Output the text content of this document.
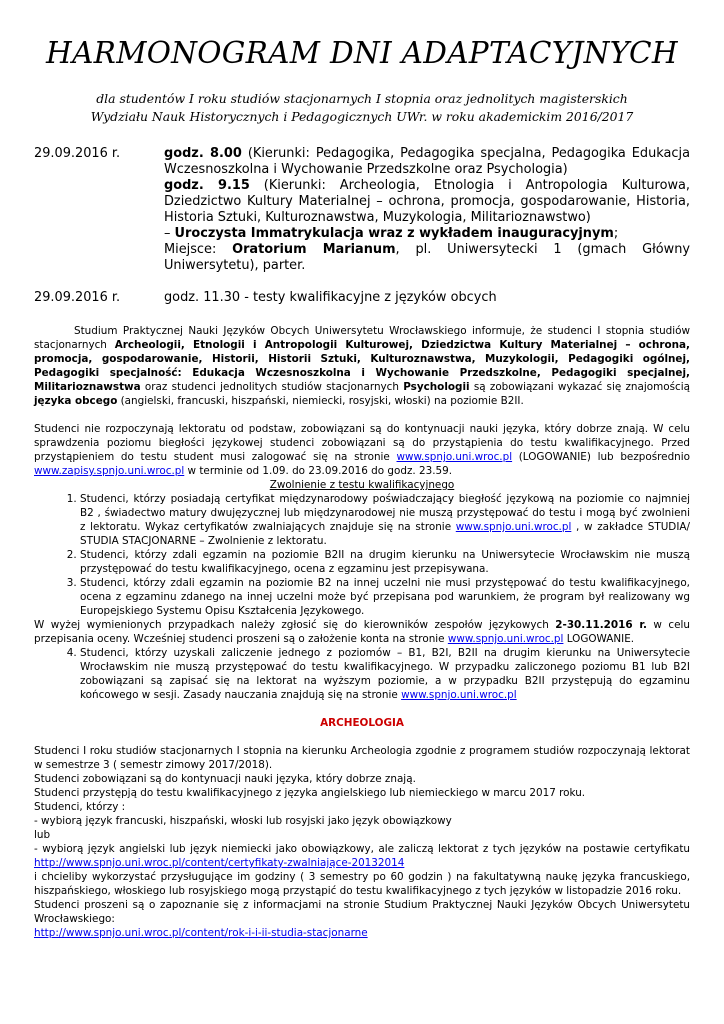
HARMONOGRAM DNI ADAPTACYJNYCH
dla studentów I roku studiów stacjonarnych I stopnia oraz jednolitych magisterskich
Wydziału Nauk Historycznych i Pedagogicznych UWr. w roku akademickim 2016/2017
29.09.2016 r.	godz. 8.00 (Kierunki: Pedagogika, Pedagogika specjalna, Pedagogika Edukacja Wczesnoszkolna i Wychowanie Przedszkolne oraz Psychologia)

godz. 9.15 (Kierunki: Archeologia, Etnologia i Antropologia Kulturowa, Dziedzictwo Kultury Materialnej – ochrona, promocja, gospodarowanie, Historia, Historia Sztuki, Kulturoznawstwa, Muzykologia, Militarioznawstwo)

– Uroczysta Immatrykulacja wraz z wykładem inauguracyjnym;

Miejsce: Oratorium Marianum, pl. Uniwersytecki 1 (gmach Główny Uniwersytetu), parter.

29.09.2016 r.	godz. 11.30 - testy kwalifikacyjne z języków obcych

Studium Praktycznej Nauki Języków Obcych Uniwersytetu Wrocławskiego informuje, że studenci I stopnia studiów stacjonarnych Archeologii, Etnologii i Antropologii Kulturowej, Dziedzictwa Kultury Materialnej – ochrona, promocja, gospodarowanie, Historii, Historii Sztuki, Kulturoznawstwa, Muzykologii, Pedagogiki ogólnej, Pedagogiki specjalność: Edukacja Wczesnoszkolna i Wychowanie Przedszkolne, Pedagogiki specjalnej, Militarioznawstwa oraz studenci jednolitych studiów stacjonarnych Psychologii są zobowiązani wykazać się znajomością języka obcego (angielski, francuski, hiszpański, niemiecki, rosyjski, włoski) na poziomie B2II.

Studenci nie rozpoczynają lektoratu od podstaw, zobowiązani są do kontynuacji nauki języka, który dobrze znają. W celu sprawdzenia poziomu biegłości językowej studenci zobowiązani są do przystąpienia do testu kwalifikacyjnego. Przed przystąpieniem do testu student musi zalogować się na stronie www.spnjo.uni.wroc.pl (LOGOWANIE) lub bezpośrednio www.zapisy.spnjo.uni.wroc.pl w terminie od 1.09. do 23.09.2016 do godz. 23.59.

Zwolnienie z testu kwalifikacyjnego

1. Studenci, którzy posiadają certyfikat międzynarodowy poświadczający biegłość językową na poziomie co najmniej B2 , świadectwo matury dwujęzycznej lub międzynarodowej nie muszą przystępować do testu i mogą być zwolnieni z lektoratu. Wykaz certyfikatów zwalniających znajduje się na stronie www.spnjo.uni.wroc.pl , w zakładce STUDIA/ STUDIA STACJONARNE – Zwolnienie z lektoratu.
2. Studenci, którzy zdali egzamin na poziomie B2II na drugim kierunku na Uniwersytecie Wrocławskim nie muszą przystępować do testu kwalifikacyjnego, ocena z egzaminu jest przepisywana.
3. Studenci, którzy zdali egzamin na poziomie B2 na innej uczelni nie musi przystępować do testu kwalifikacyjnego, ocena z egzaminu zdanego na innej uczelni może być przepisana pod warunkiem, że program był realizowany wg Europejskiego Systemu Opisu Kształcenia Językowego.

W wyżej wymienionych przypadkach należy zgłosić się do kierowników zespołów językowych 2-30.11.2016 r. w celu przepisania oceny. Wcześniej studenci proszeni są o założenie konta na stronie www.spnjo.uni.wroc.pl LOGOWANIE.

4. Studenci, którzy uzyskali zaliczenie jednego z poziomów – B1, B2I, B2II na drugim kierunku na Uniwersytecie Wrocławskim nie muszą przystępować do testu kwalifikacyjnego. W przypadku zaliczonego poziomu B1 lub B2I zobowiązani są zapisać się na lektorat na wyższym poziomie, a w przypadku B2II przystępują do egzaminu końcowego w sesji. Zasady nauczania znajdują się na stronie www.spnjo.uni.wroc.pl

ARCHEOLOGIA

Studenci I roku studiów stacjonarnych I stopnia na kierunku Archeologia zgodnie z programem studiów rozpoczynają lektorat w semestrze 3 ( semestr zimowy 2017/2018).

Studenci zobowiązani są do kontynuacji nauki języka, który dobrze znają.

Studenci przystępją do testu kwalifikacyjnego z języka angielskiego lub niemieckiego w marcu 2017 roku.

Studenci, którzy :

- wybiorą język francuski, hiszpański, włoski lub rosyjski jako język obowiązkowy

lub

- wybiorą język angielski lub język niemiecki jako obowiązkowy, ale zaliczą lektorat z tych języków na postawie certyfikatu http://www.spnjo.uni.wroc.pl/content/certyfikaty-zwalniające-20132014

i chcieliby wykorzystać przysługujące im godziny ( 3 semestry po 60 godzin ) na fakultatywną naukę języka francuskiego, hiszpańskiego, włoskiego lub rosyjskiego mogą przystąpić do testu kwalifikacyjnego z tych języków w listopadzie 2016 roku.

Studenci proszeni są o zapoznanie się z informacjami na stronie Studium Praktycznej Nauki Języków Obcych Uniwersytetu Wrocławskiego:

http://www.spnjo.uni.wroc.pl/content/rok-i-i-ii-studia-stacjonarne
